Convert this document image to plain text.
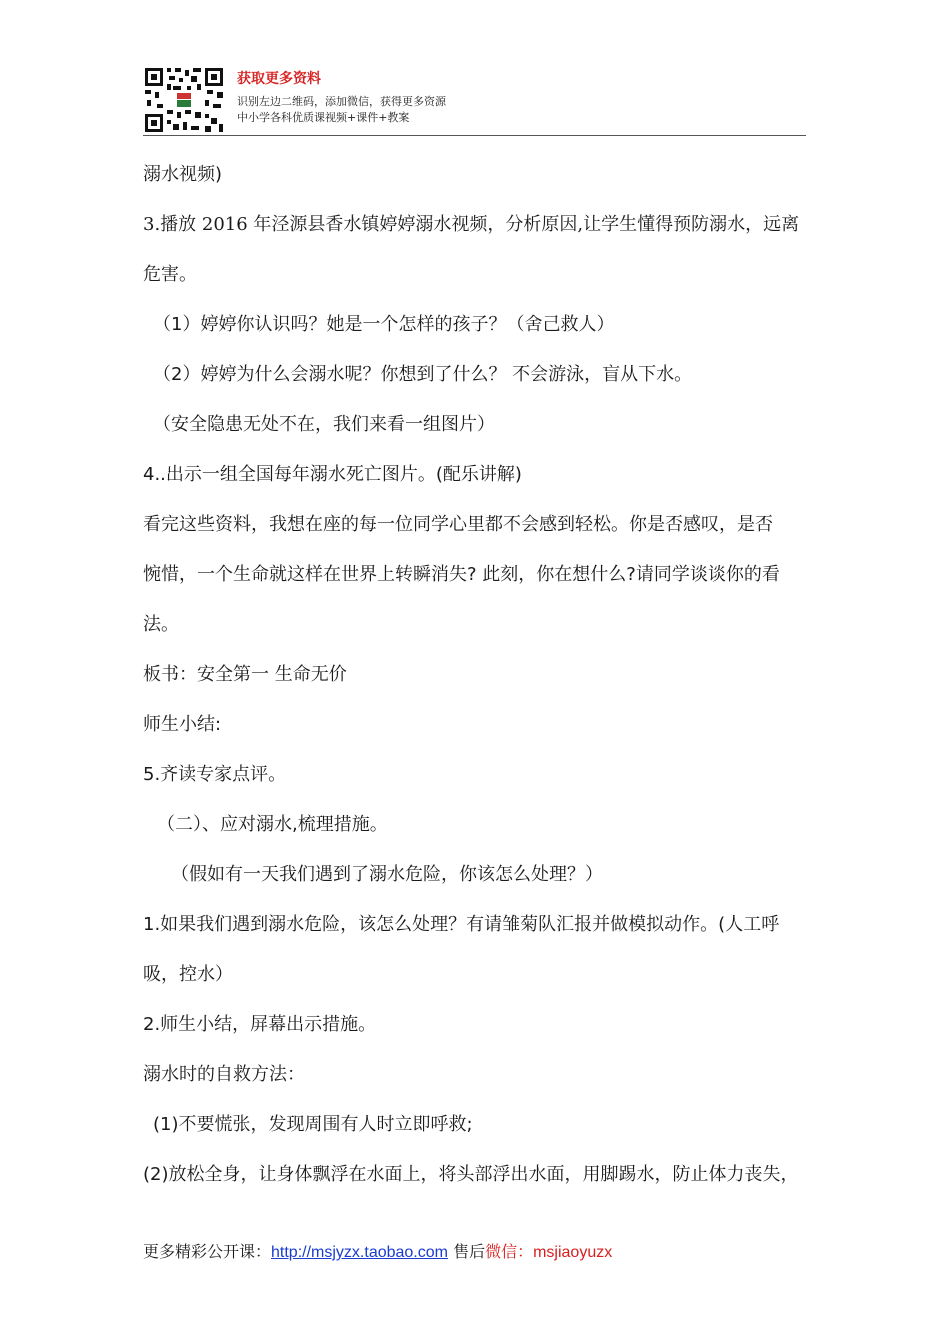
获取更多资料
识别左边二维码，添加微信，获得更多资源
中小学各科优质课视频+课件+教案
溺水视频)
3.播放 2016 年泾源县香水镇婷婷溺水视频，分析原因,让学生懂得预防溺水，远离
危害。
（1）婷婷你认识吗？她是一个怎样的孩子？（舍己救人）
（2）婷婷为什么会溺水呢？你想到了什么？ 不会游泳，盲从下水。
（安全隐患无处不在，我们来看一组图片）
4..出示一组全国每年溺水死亡图片。(配乐讲解)
看完这些资料，我想在座的每一位同学心里都不会感到轻松。你是否感叹，是否
惋惜，一个生命就这样在世界上转瞬消失? 此刻，你在想什么?请同学谈谈你的看
法。
板书：安全第一 生命无价
师生小结:
5.齐读专家点评。
（二）、应对溺水,梳理措施。
（假如有一天我们遇到了溺水危险，你该怎么处理？）
1.如果我们遇到溺水危险，该怎么处理？有请雏菊队汇报并做模拟动作。(人工呼
吸，控水）
2.师生小结，屏幕出示措施。
溺水时的自救方法：
(1)不要慌张，发现周围有人时立即呼救;
(2)放松全身，让身体飘浮在水面上，将头部浮出水面，用脚踢水，防止体力丧失，
更多精彩公开课：http://msjyzx.taobao.com 售后微信：msjiaoyuzx
